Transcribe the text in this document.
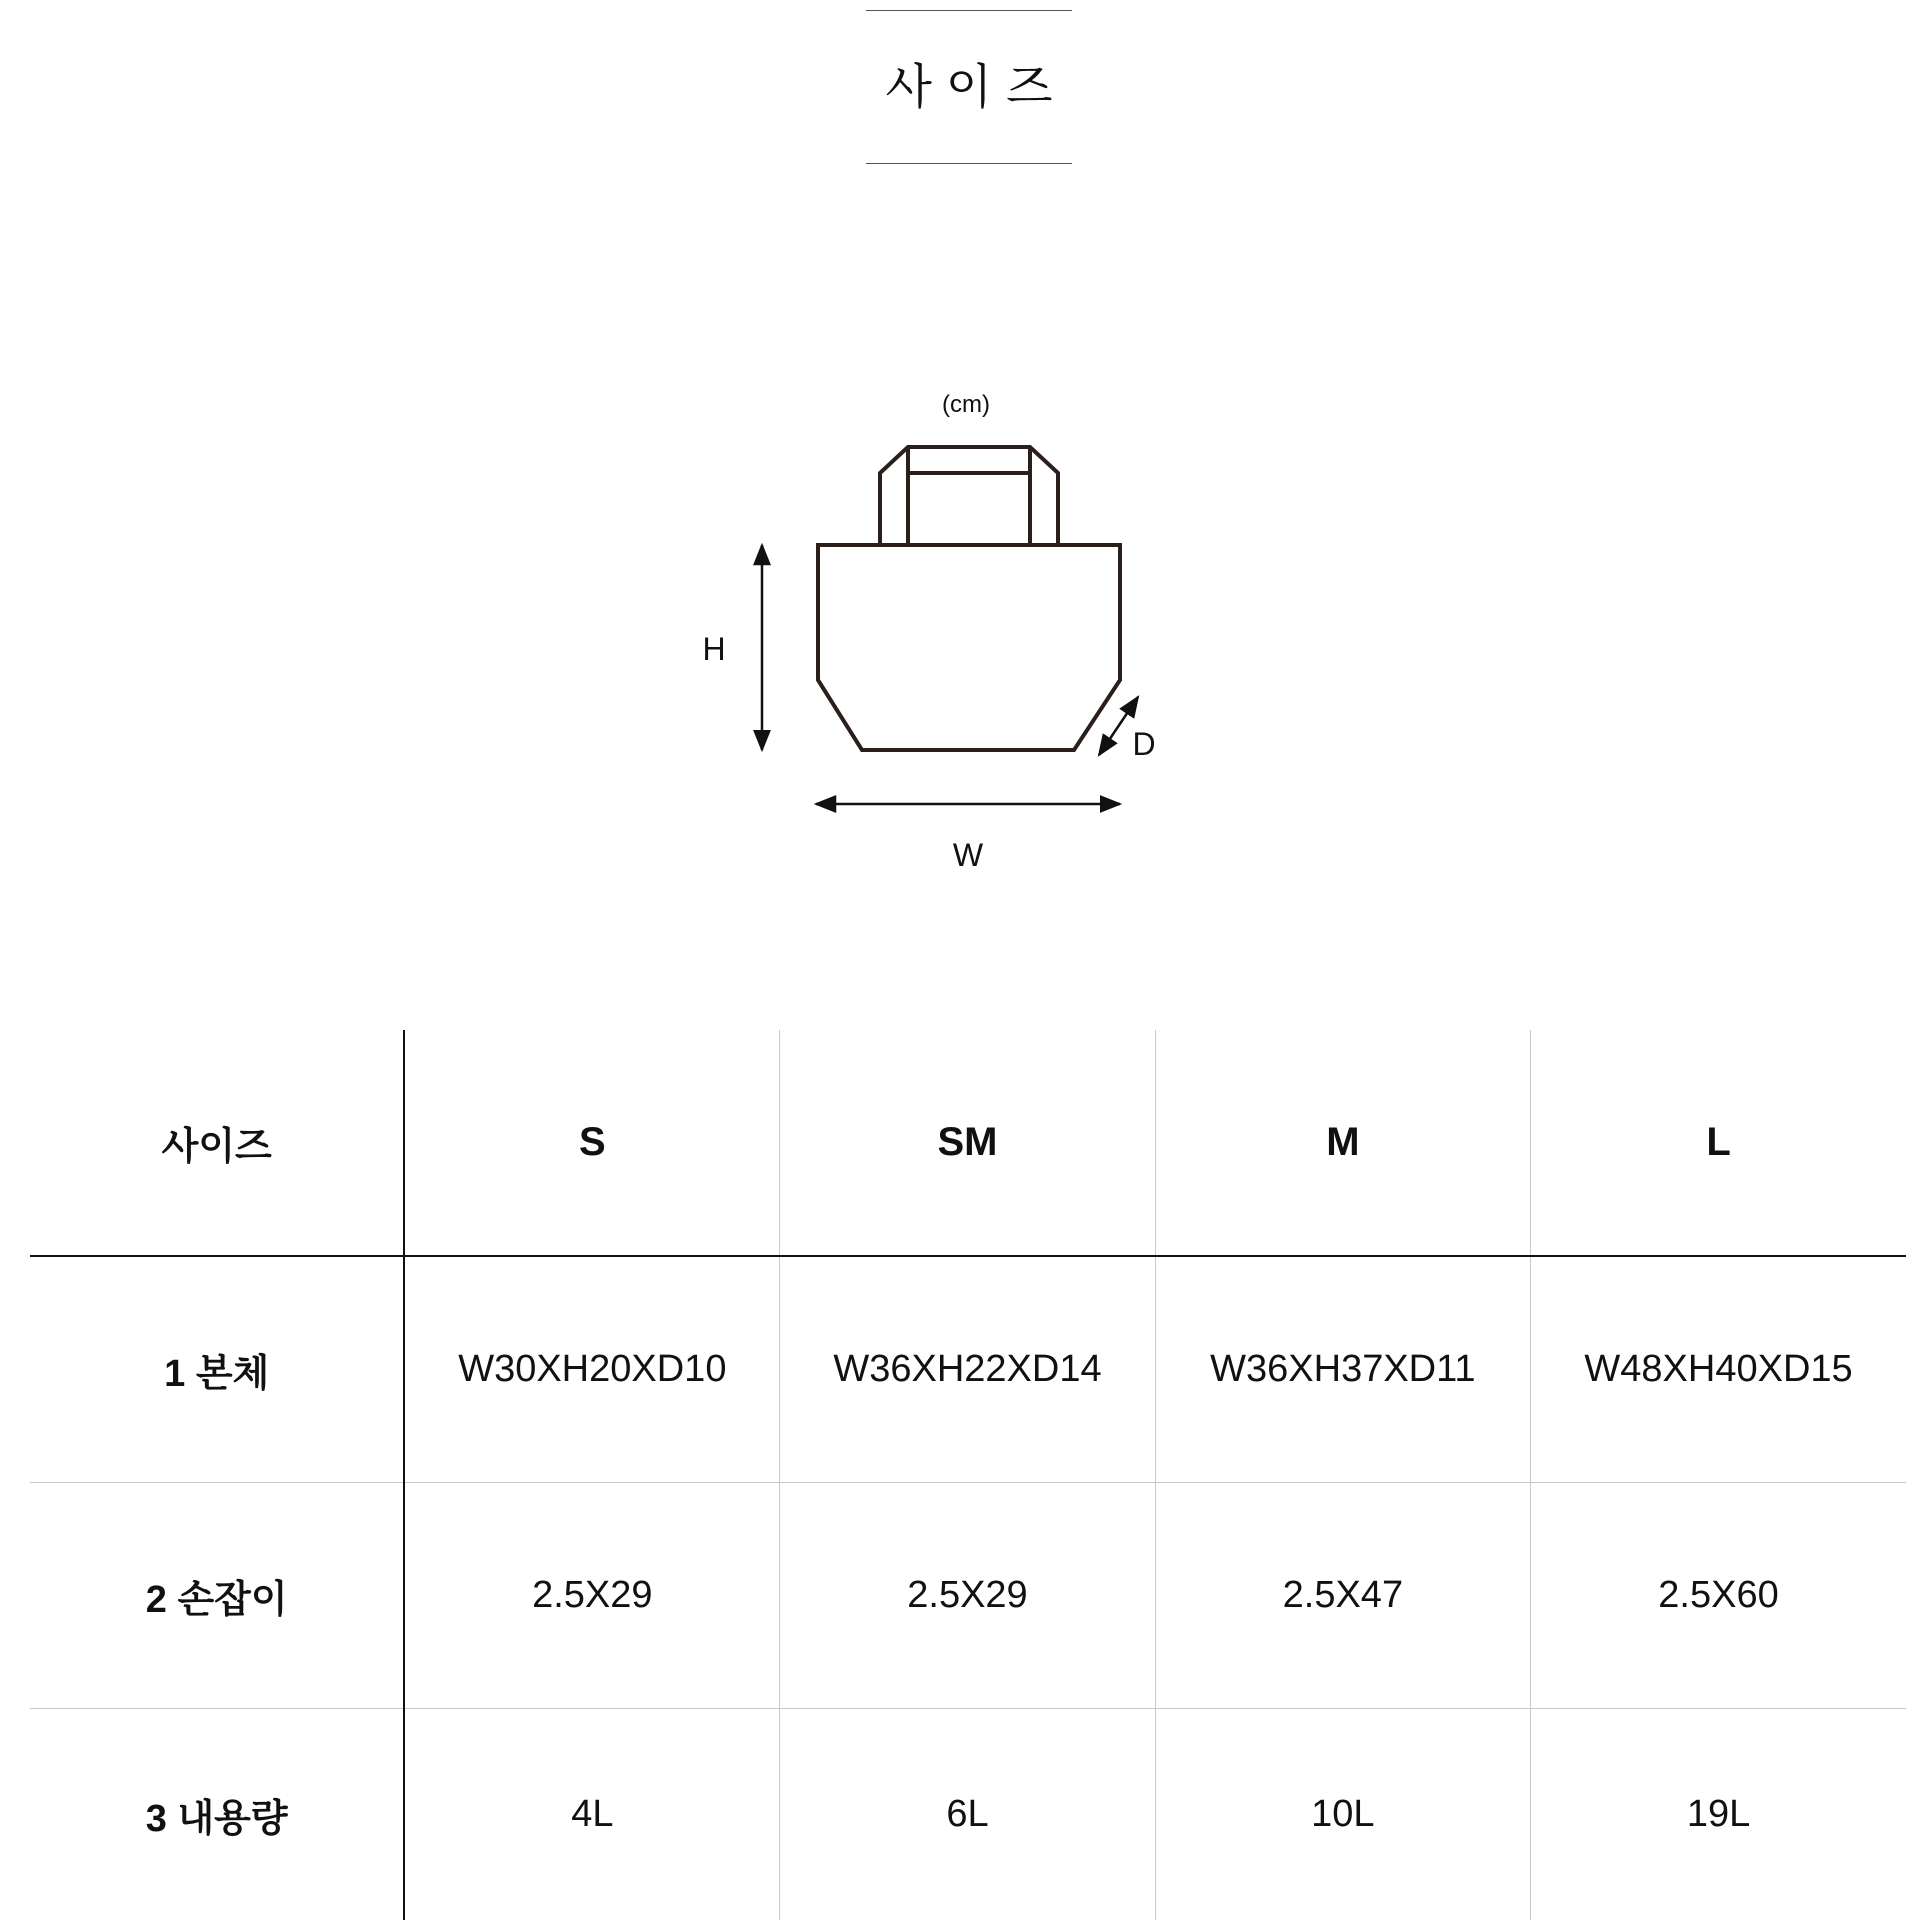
사이즈
(cm)
H
W
D
사이즈	S	SM	M	L
1 본체	W30XH20XD10	W36XH22XD14	W36XH37XD11	W48XH40XD15
2 손잡이	2.5X29	2.5X29	2.5X47	2.5X60
3 내용량	4L	6L	10L	19L
